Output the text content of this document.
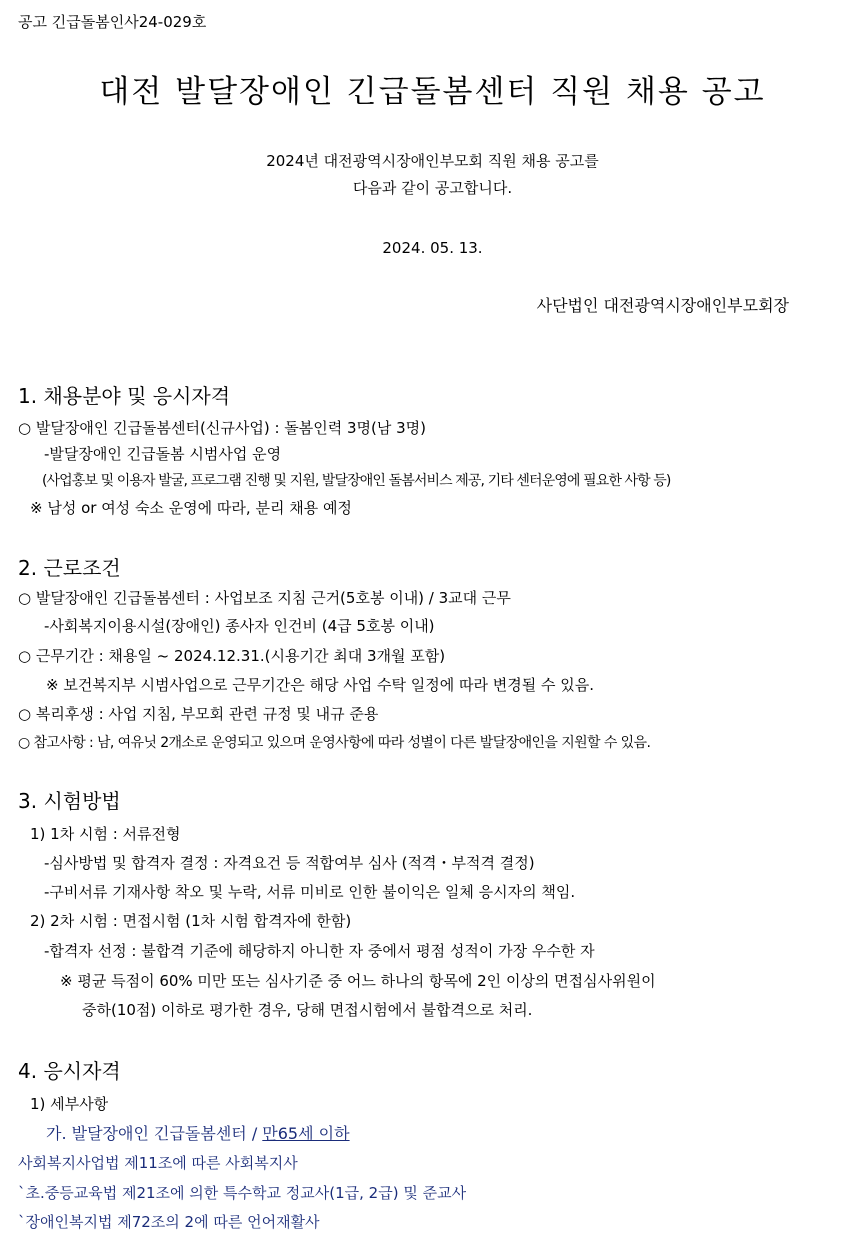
공고 긴급돌봄인사24-029호
대전 발달장애인 긴급돌봄센터 직원 채용 공고
2024년 대전광역시장애인부모회 직원 채용 공고를
다음과 같이 공고합니다.
2024. 05. 13.
사단법인 대전광역시장애인부모회장
1. 채용분야 및 응시자격
○ 발달장애인 긴급돌봄센터(신규사업) : 돌봄인력 3명(남 3명)
-발달장애인 긴급돌봄 시범사업 운영
(사업홍보 및 이용자 발굴, 프로그램 진행 및 지원, 발달장애인 돌봄서비스 제공, 기타 센터운영에 필요한 사항 등)
※ 남성 or 여성 숙소 운영에 따라, 분리 채용 예정
2. 근로조건
○ 발달장애인 긴급돌봄센터 : 사업보조 지침 근거(5호봉 이내) / 3교대 근무
-사회복지이용시설(장애인) 종사자 인건비 (4급 5호봉 이내)
○ 근무기간 : 채용일 ~ 2024.12.31.(시용기간 최대 3개월 포함)
※ 보건복지부 시범사업으로 근무기간은 해당 사업 수탁 일정에 따라 변경될 수 있음.
○ 복리후생 : 사업 지침, 부모회 관련 규정 및 내규 준용
○ 참고사항 : 남, 여유닛 2개소로 운영되고 있으며 운영사항에 따라 성별이 다른 발달장애인을 지원할 수 있음.
3. 시험방법
1) 1차 시험 : 서류전형
-심사방법 및 합격자 결정 : 자격요건 등 적합여부 심사 (적격・부적격 결정)
-구비서류 기재사항 착오 및 누락, 서류 미비로 인한 불이익은 일체 응시자의 책임.
2) 2차 시험 : 면접시험 (1차 시험 합격자에 한함)
-합격자 선정 : 불합격 기준에 해당하지 아니한 자 중에서 평점 성적이 가장 우수한 자
※ 평균 득점이 60% 미만 또는 심사기준 중 어느 하나의 항목에 2인 이상의 면접심사위원이
중하(10점) 이하로 평가한 경우, 당해 면접시험에서 불합격으로 처리.
4. 응시자격
1) 세부사항
가. 발달장애인 긴급돌봄센터 / 만65세 이하
사회복지사업법 제11조에 따른 사회복지사
`초.중등교육법 제21조에 의한 특수학교 정교사(1급, 2급) 및 준교사
`장애인복지법 제72조의 2에 따른 언어재활사
